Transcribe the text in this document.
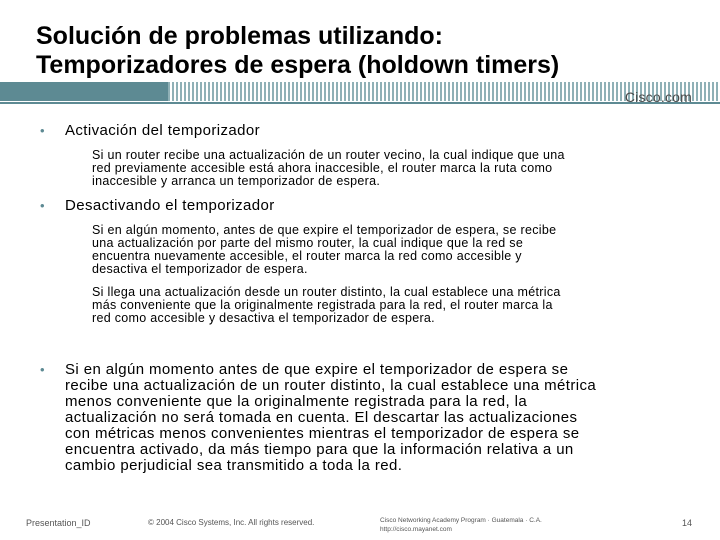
Solución de problemas utilizando:
Temporizadores de espera (holdown timers)
Cisco.com
• Activación del temporizador
Si un router recibe una actualización de un router vecino, la cual indique que una
red previamente accesible está ahora inaccesible, el router marca la ruta como
inaccesible y arranca un temporizador de espera.
• Desactivando el temporizador
Si en algún momento, antes de que expire el temporizador de espera, se recibe
una actualización por parte del mismo router, la cual indique que la red se
encuentra nuevamente accesible, el router marca la red como accesible y
desactiva el temporizador de espera.
Si llega una actualización desde un router distinto, la cual establece una métrica
más conveniente que la originalmente registrada para la red, el router marca la
red como accesible y desactiva el temporizador de espera.
• Si en algún momento antes de que expire el temporizador de espera se
recibe una actualización de un router distinto, la cual establece una métrica
menos conveniente que la originalmente registrada para la red, la
actualización no será tomada en cuenta. El descartar las actualizaciones
con métricas menos convenientes mientras el temporizador de espera se
encuentra activado, da más tiempo para que la información relativa a un
cambio perjudicial sea transmitido a toda la red.
Presentation_ID	© 2004 Cisco Systems, Inc. All rights reserved.	Cisco Networking Academy Program · Guatemala · C.A.
http://cisco.mayanet.com
14
